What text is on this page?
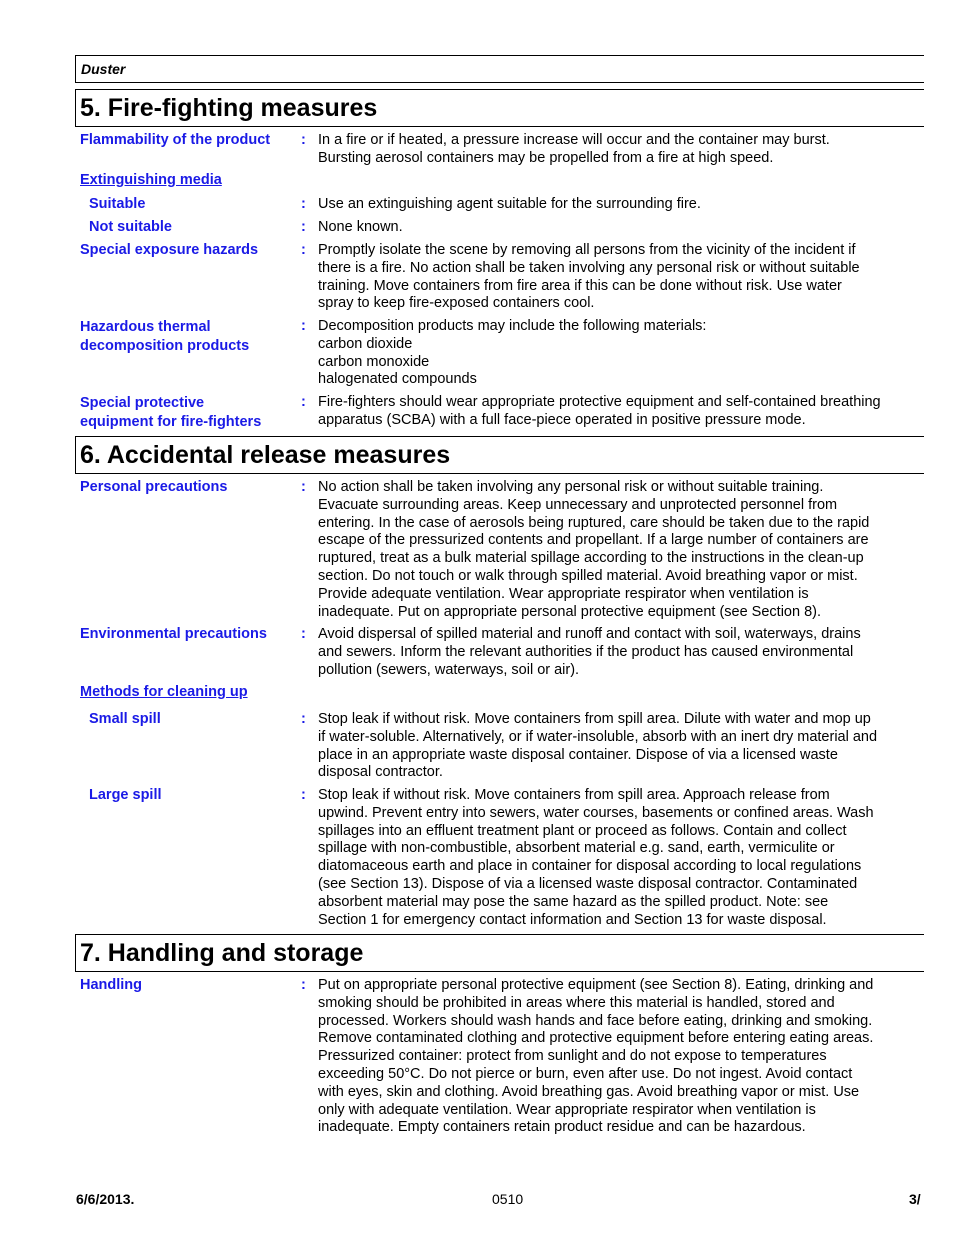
Duster
5. Fire-fighting measures
Flammability of the product	: In a fire or if heated, a pressure increase will occur and the container may burst.
Bursting aerosol containers may be propelled from a fire at high speed.
Extinguishing media
Suitable	: Use an extinguishing agent suitable for the surrounding fire.
Not suitable	: None known.
Special exposure hazards	: Promptly isolate the scene by removing all persons from the vicinity of the incident if
there is a fire. No action shall be taken involving any personal risk or without suitable
training. Move containers from fire area if this can be done without risk. Use water
spray to keep fire-exposed containers cool.
Hazardous thermal
decomposition products
: Decomposition products may include the following materials:
carbon dioxide
carbon monoxide
halogenated compounds
Special protective
equipment for fire-fighters
: Fire-fighters should wear appropriate protective equipment and self-contained breathing
apparatus (SCBA) with a full face-piece operated in positive pressure mode.
6. Accidental release measures
Personal precautions	: No action shall be taken involving any personal risk or without suitable training.
Evacuate surrounding areas. Keep unnecessary and unprotected personnel from
entering. In the case of aerosols being ruptured, care should be taken due to the rapid
escape of the pressurized contents and propellant. If a large number of containers are
ruptured, treat as a bulk material spillage according to the instructions in the clean-up
section. Do not touch or walk through spilled material. Avoid breathing vapor or mist.
Provide adequate ventilation. Wear appropriate respirator when ventilation is
inadequate. Put on appropriate personal protective equipment (see Section 8).
Environmental precautions	: Avoid dispersal of spilled material and runoff and contact with soil, waterways, drains
and sewers. Inform the relevant authorities if the product has caused environmental
pollution (sewers, waterways, soil or air).
Methods for cleaning up
Small spill	: Stop leak if without risk. Move containers from spill area. Dilute with water and mop up
if water-soluble. Alternatively, or if water-insoluble, absorb with an inert dry material and
place in an appropriate waste disposal container. Dispose of via a licensed waste
disposal contractor.
Large spill	: Stop leak if without risk. Move containers from spill area. Approach release from
upwind. Prevent entry into sewers, water courses, basements or confined areas. Wash
spillages into an effluent treatment plant or proceed as follows. Contain and collect
spillage with non-combustible, absorbent material e.g. sand, earth, vermiculite or
diatomaceous earth and place in container for disposal according to local regulations
(see Section 13). Dispose of via a licensed waste disposal contractor. Contaminated
absorbent material may pose the same hazard as the spilled product. Note: see
Section 1 for emergency contact information and Section 13 for waste disposal.
7. Handling and storage
Handling	: Put on appropriate personal protective equipment (see Section 8). Eating, drinking and
smoking should be prohibited in areas where this material is handled, stored and
processed. Workers should wash hands and face before eating, drinking and smoking.
Remove contaminated clothing and protective equipment before entering eating areas.
Pressurized container: protect from sunlight and do not expose to temperatures
exceeding 50°C. Do not pierce or burn, even after use. Do not ingest. Avoid contact
with eyes, skin and clothing. Avoid breathing gas. Avoid breathing vapor or mist. Use
only with adequate ventilation. Wear appropriate respirator when ventilation is
inadequate. Empty containers retain product residue and can be hazardous.
6/6/2013.	0510	3/
